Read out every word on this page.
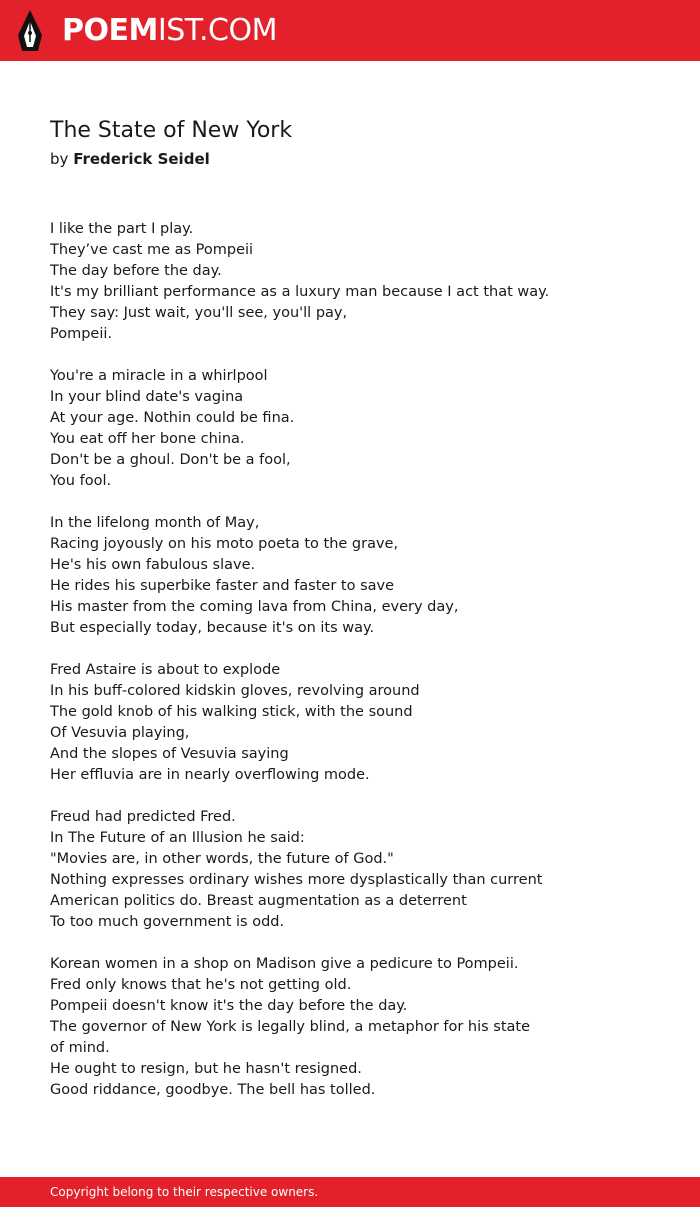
POEMIST.COM
The State of New York
by Frederick Seidel
I like the part I play.
They’ve cast me as Pompeii
The day before the day.
It's my brilliant performance as a luxury man because I act that way.
They say: Just wait, you'll see, you'll pay,
Pompeii.
You're a miracle in a whirlpool
In your blind date's vagina
At your age. Nothin could be fina.
You eat off her bone china.
Don't be a ghoul. Don't be a fool,
You fool.
In the lifelong month of May,
Racing joyously on his moto poeta to the grave,
He's his own fabulous slave.
He rides his superbike faster and faster to save
His master from the coming lava from China, every day,
But especially today, because it's on its way.
Fred Astaire is about to explode
In his buff-colored kidskin gloves, revolving around
The gold knob of his walking stick, with the sound
Of Vesuvia playing,
And the slopes of Vesuvia saying
Her effluvia are in nearly overflowing mode.
Freud had predicted Fred.
In The Future of an Illusion he said:
"Movies are, in other words, the future of God."
Nothing expresses ordinary wishes more dysplastically than current
American politics do. Breast augmentation as a deterrent
To too much government is odd.
Korean women in a shop on Madison give a pedicure to Pompeii.
Fred only knows that he's not getting old.
Pompeii doesn't know it's the day before the day.
The governor of New York is legally blind, a metaphor for his state of mind.
He ought to resign, but he hasn't resigned.
Good riddance, goodbye. The bell has tolled.
Copyright belong to their respective owners.
